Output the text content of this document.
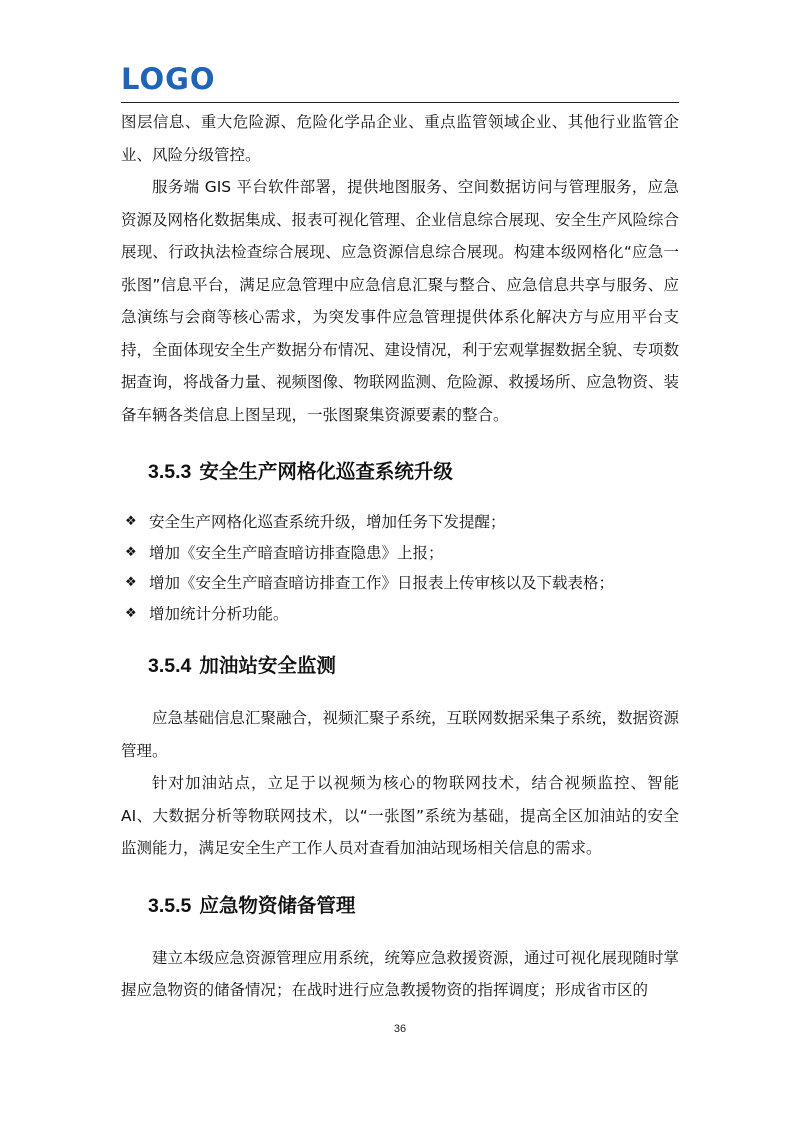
LOGO

图层信息、重大危险源、危险化学品企业、重点监管领域企业、其他行业监管企业、风险分级管控。

服务端 GIS 平台软件部署，提供地图服务、空间数据访问与管理服务，应急资源及网格化数据集成、报表可视化管理、企业信息综合展现、安全生产风险综合展现、行政执法检查综合展现、应急资源信息综合展现。构建本级网格化“应急一张图”信息平台，满足应急管理中应急信息汇聚与整合、应急信息共享与服务、应急演练与会商等核心需求，为突发事件应急管理提供体系化解决方与应用平台支持，全面体现安全生产数据分布情况、建设情况，利于宏观掌握数据全貌、专项数据查询，将战备力量、视频图像、物联网监测、危险源、救援场所、应急物资、装备车辆各类信息上图呈现，一张图聚集资源要素的整合。

3.5.3 安全生产网格化巡查系统升级
❖ 安全生产网格化巡查系统升级，增加任务下发提醒；
❖ 增加《安全生产暗查暗访排查隐患》上报；
❖ 增加《安全生产暗查暗访排查工作》日报表上传审核以及下载表格；
❖ 增加统计分析功能。
3.5.4 加油站安全监测

应急基础信息汇聚融合，视频汇聚子系统，互联网数据采集子系统，数据资源管理。

针对加油站点，立足于以视频为核心的物联网技术，结合视频监控、智能 AI、大数据分析等物联网技术，以“一张图”系统为基础，提高全区加油站的安全监测能力，满足安全生产工作人员对查看加油站现场相关信息的需求。

3.5.5 应急物资储备管理

建立本级应急资源管理应用系统，统筹应急救援资源，通过可视化展现随时掌握应急物资的储备情况；在战时进行应急教援物资的指挥调度；形成省市区的

36
